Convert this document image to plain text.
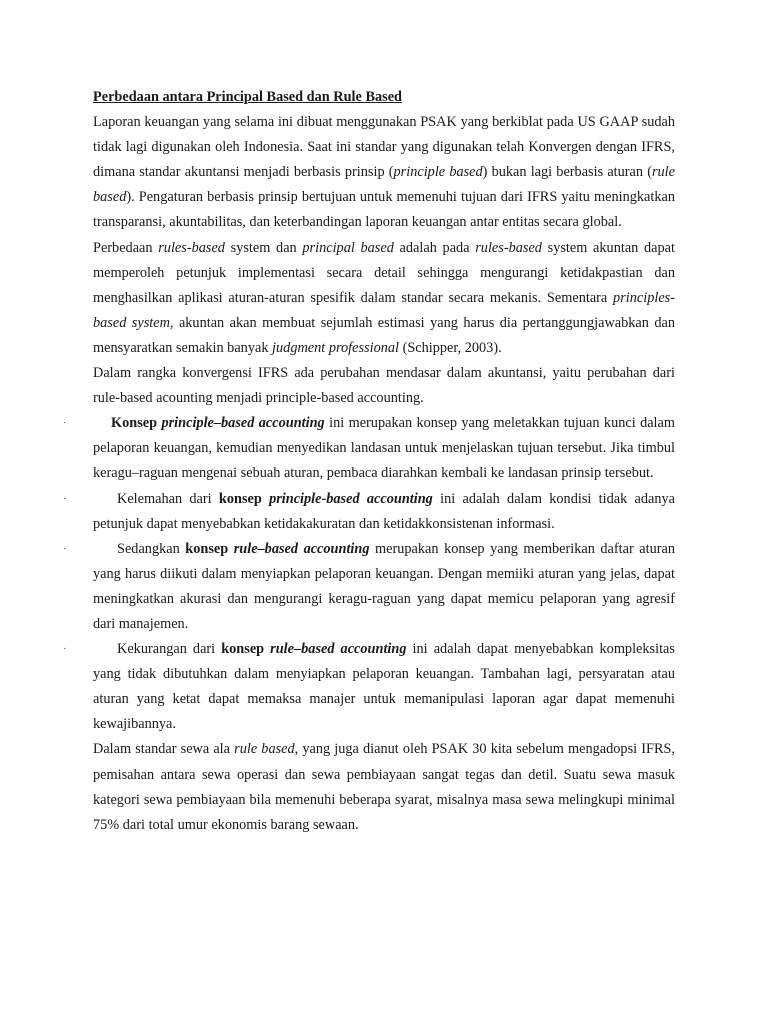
Perbedaan antara Principal Based dan Rule Based

Laporan keuangan yang selama ini dibuat menggunakan PSAK yang berkiblat pada US GAAP sudah tidak lagi digunakan oleh Indonesia. Saat ini standar yang digunakan telah Konvergen dengan IFRS, dimana standar akuntansi menjadi berbasis prinsip (principle based) bukan lagi berbasis aturan (rule based). Pengaturan berbasis prinsip bertujuan untuk memenuhi tujuan dari IFRS yaitu meningkatkan transparansi, akuntabilitas, dan keterbandingan laporan keuangan antar entitas secara global.

Perbedaan rules-based system dan principal based adalah pada rules-based system akuntan dapat memperoleh petunjuk implementasi secara detail sehingga mengurangi ketidakpastian dan menghasilkan aplikasi aturan-aturan spesifik dalam standar secara mekanis. Sementara principles-based system, akuntan akan membuat sejumlah estimasi yang harus dia pertanggungjawabkan dan mensyaratkan semakin banyak judgment professional (Schipper, 2003).

Dalam rangka konvergensi IFRS ada perubahan mendasar dalam akuntansi, yaitu perubahan dari rule-based acounting menjadi principle-based accounting.

·	Konsep principle–based accounting ini merupakan konsep yang meletakkan tujuan kunci dalam pelaporan keuangan, kemudian menyedikan landasan untuk menjelaskan tujuan tersebut. Jika timbul keragu–raguan mengenai sebuah aturan, pembaca diarahkan kembali ke landasan prinsip tersebut.

·	Kelemahan dari konsep principle-based accounting ini adalah dalam kondisi tidak adanya petunjuk dapat menyebabkan ketidakakuratan dan ketidakkonsistenan informasi.

·	Sedangkan konsep rule–based accounting merupakan konsep yang memberikan daftar aturan yang harus diikuti dalam menyiapkan pelaporan keuangan. Dengan memiiki aturan yang jelas, dapat meningkatkan akurasi dan mengurangi keragu-raguan yang dapat memicu pelaporan yang agresif dari manajemen.

·	Kekurangan dari konsep rule–based accounting ini adalah dapat menyebabkan kompleksitas yang tidak dibutuhkan dalam menyiapkan pelaporan keuangan. Tambahan lagi, persyaratan atau aturan yang ketat dapat memaksa manajer untuk memanipulasi laporan agar dapat memenuhi kewajibannya.

Dalam standar sewa ala rule based, yang juga dianut oleh PSAK 30 kita sebelum mengadopsi IFRS, pemisahan antara sewa operasi dan sewa pembiayaan sangat tegas dan detil. Suatu sewa masuk kategori sewa pembiayaan bila memenuhi beberapa syarat, misalnya masa sewa melingkupi minimal 75% dari total umur ekonomis barang sewaan.
